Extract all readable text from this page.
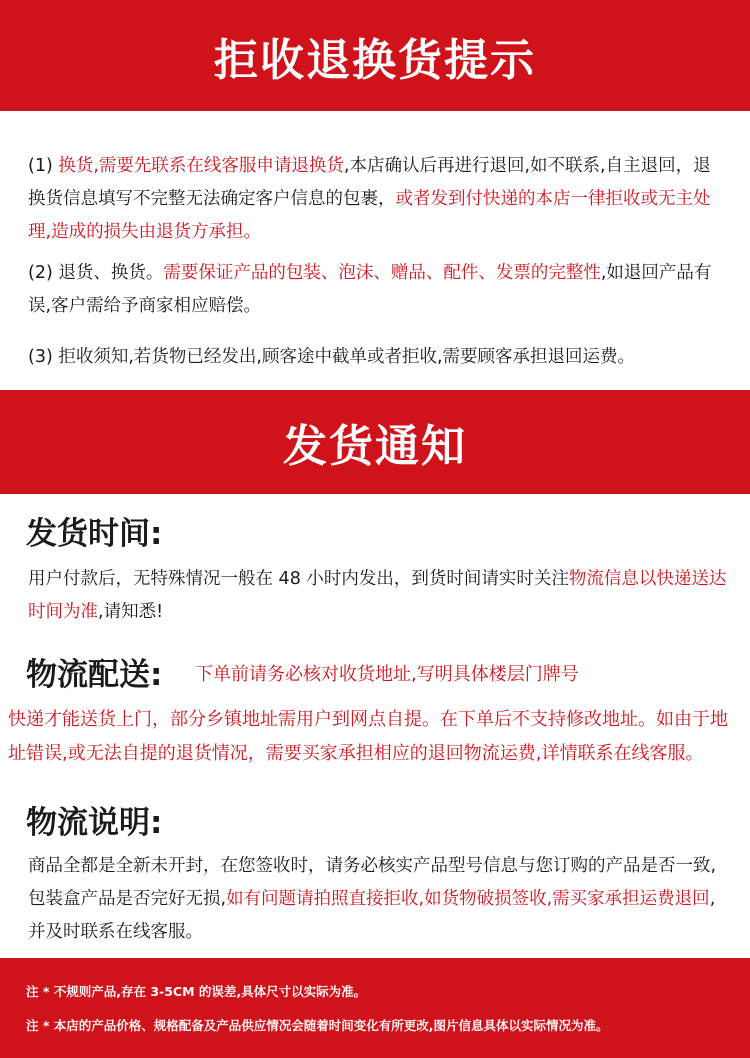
拒收退换货提示

(1) 换货,需要先联系在线客服申请退换货,本店确认后再进行退回,如不联系,自主退回，退换货信息填写不完整无法确定客户信息的包裹，或者发到付快递的本店一律拒收或无主处理,造成的损失由退货方承担。

(2) 退货、换货。需要保证产品的包装、泡沫、赠品、配件、发票的完整性,如退回产品有误,客户需给予商家相应赔偿。

(3) 拒收须知,若货物已经发出,顾客途中截单或者拒收,需要顾客承担退回运费。

发货通知
发货时间:

用户付款后，无特殊情况一般在 48 小时内发出，到货时间请实时关注物流信息以快递送达时间为准,请知悉!

物流配送: 下单前请务必核对收货地址,写明具体楼层门牌号

快递才能送货上门，部分乡镇地址需用户到网点自提。在下单后不支持修改地址。如由于地址错误,或无法自提的退货情况，需要买家承担相应的退回物流运费,详情联系在线客服。

物流说明:

商品全都是全新未开封，在您签收时，请务必核实产品型号信息与您订购的产品是否一致,包装盒产品是否完好无损,如有问题请拍照直接拒收,如货物破损签收,需买家承担运费退回,并及时联系在线客服。

注 * 不规则产品,存在 3-5CM 的误差,具体尺寸以实际为准。

注 * 本店的产品价格、规格配备及产品供应情况会随着时间变化有所更改,图片信息具体以实际情况为准。
